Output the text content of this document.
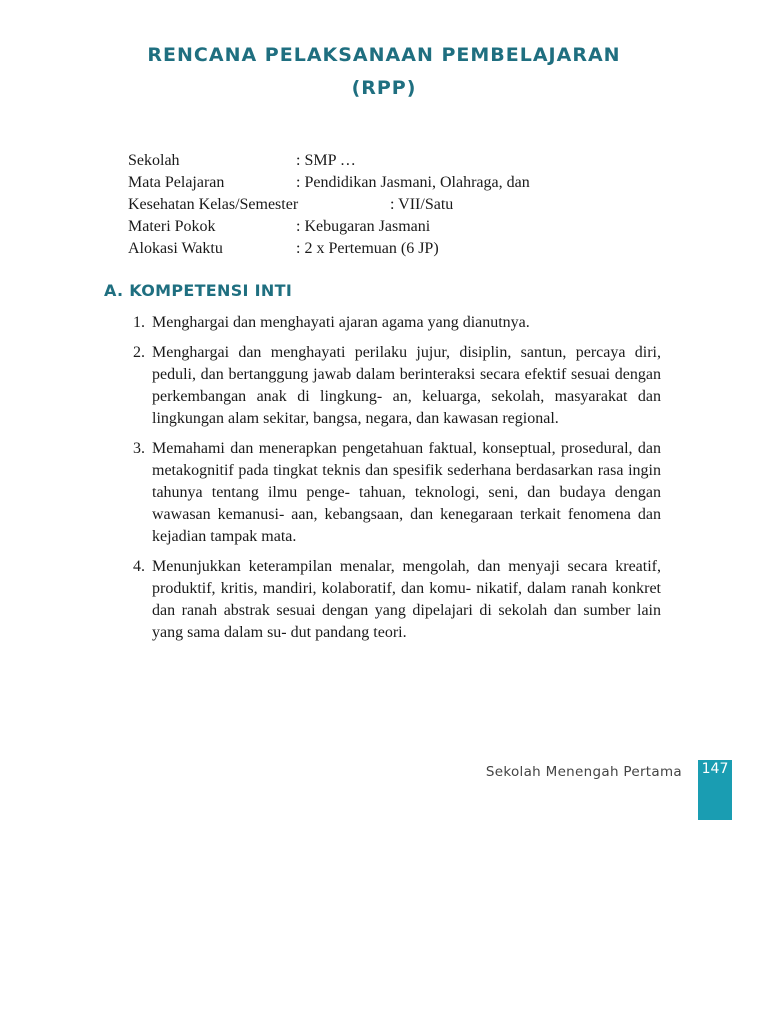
RENCANA PELAKSANAAN PEMBELAJARAN
(RPP)
Sekolah	: SMP …
Mata Pelajaran	: Pendidikan Jasmani, Olahraga, dan
Kesehatan Kelas/Semester	: VII/Satu
Materi Pokok	: Kebugaran Jasmani
Alokasi Waktu	: 2 x Pertemuan (6 JP)
A. KOMPETENSI INTI
1. Menghargai dan menghayati ajaran agama yang dianutnya.
2. Menghargai dan menghayati perilaku jujur, disiplin, santun, percaya diri, peduli, dan bertanggung jawab dalam berinteraksi secara efektif sesuai dengan perkembangan anak di lingkung- an, keluarga, sekolah, masyarakat dan lingkungan alam sekitar, bangsa, negara, dan kawasan regional.
3. Memahami dan menerapkan pengetahuan faktual, konseptual, prosedural, dan metakognitif pada tingkat teknis dan spesifik sederhana berdasarkan rasa ingin tahunya tentang ilmu penge- tahuan, teknologi, seni, dan budaya dengan wawasan kemanusi- aan, kebangsaan, dan kenegaraan terkait fenomena dan kejadian tampak mata.
4. Menunjukkan keterampilan menalar, mengolah, dan menyaji secara kreatif, produktif, kritis, mandiri, kolaboratif, dan komu- nikatif, dalam ranah konkret dan ranah abstrak sesuai dengan yang dipelajari di sekolah dan sumber lain yang sama dalam su- dut pandang teori.
Sekolah Menengah Pertama 147
